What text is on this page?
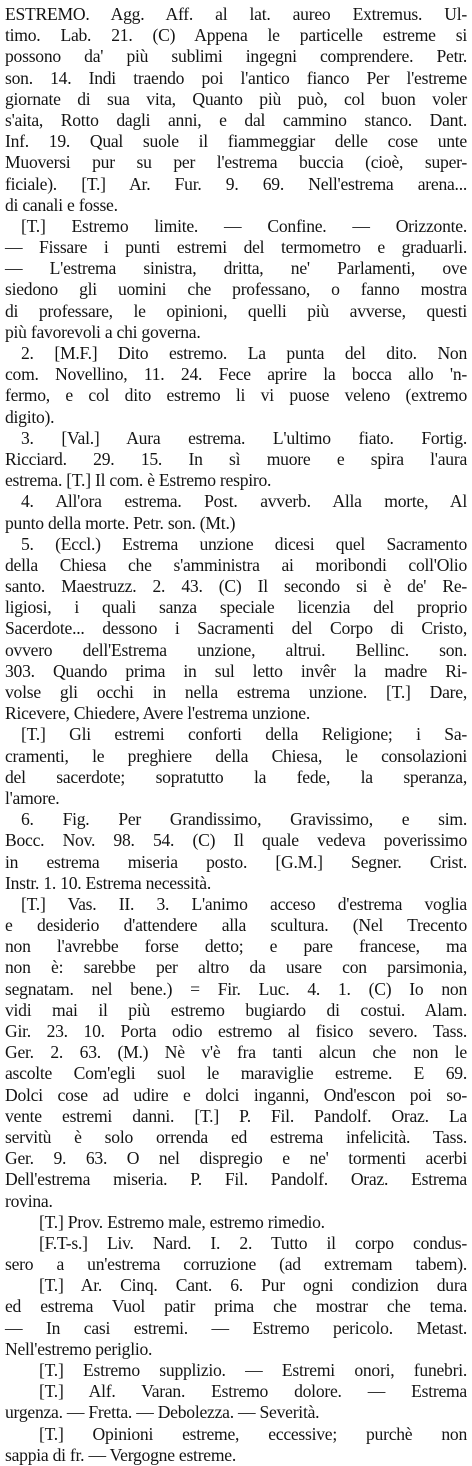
ESTREMO. Agg. Aff. al lat. aureo Extremus. Ul-
timo. Lab. 21. (C) Appena le particelle estreme si
possono da' più sublimi ingegni comprendere. Petr.
son. 14. Indi traendo poi l'antico fianco Per l'estreme
giornate di sua vita, Quanto più può, col buon voler
s'aita, Rotto dagli anni, e dal cammino stanco. Dant.
Inf. 19. Qual suole il fiammeggiar delle cose unte
Muoversi pur su per l'estrema buccia (cioè, super-
ficiale). [T.] Ar. Fur. 9. 69. Nell'estrema arena...
di canali e fosse.
[T.] Estremo limite. — Confine. — Orizzonte.
— Fissare i punti estremi del termometro e graduarli.
— L'estrema sinistra, dritta, ne' Parlamenti, ove
siedono gli uomini che professano, o fanno mostra
di professare, le opinioni, quelli più avverse, questi
più favorevoli a chi governa.
2. [M.F.] Dito estremo. La punta del dito. Non
com. Novellino, 11. 24. Fece aprire la bocca allo 'n-
fermo, e col dito estremo li vi puose veleno (extremo
digito).
3. [Val.] Aura estrema. L'ultimo fiato. Fortig.
Ricciard. 29. 15. In sì muore e spira l'aura
estrema. [T.] Il com. è Estremo respiro.
4. All'ora estrema. Post. avverb. Alla morte, Al
punto della morte. Petr. son. (Mt.)
5. (Eccl.) Estrema unzione dicesi quel Sacramento
della Chiesa che s'amministra ai moribondi coll'Olio
santo. Maestruzz. 2. 43. (C) Il secondo si è de' Re-
ligiosi, i quali sanza speciale licenzia del proprio
Sacerdote... dessono i Sacramenti del Corpo di Cristo,
ovvero dell'Estrema unzione, altrui. Bellinc. son.
303. Quando prima in sul letto invêr la madre Ri-
volse gli occhi in nella estrema unzione. [T.] Dare,
Ricevere, Chiedere, Avere l'estrema unzione.
[T.] Gli estremi conforti della Religione; i Sa-
cramenti, le preghiere della Chiesa, le consolazioni
del sacerdote; sopratutto la fede, la speranza,
l'amore.
6. Fig. Per Grandissimo, Gravissimo, e sim.
Bocc. Nov. 98. 54. (C) Il quale vedeva poverissimo
in estrema miseria posto. [G.M.] Segner. Crist.
Instr. 1. 10. Estrema necessità.
[T.] Vas. II. 3. L'animo acceso d'estrema voglia
e desiderio d'attendere alla scultura. (Nel Trecento
non l'avrebbe forse detto; e pare francese, ma
non è: sarebbe per altro da usare con parsimonia,
segnatam. nel bene.) = Fir. Luc. 4. 1. (C) Io non
vidi mai il più estremo bugiardo di costui. Alam.
Gir. 23. 10. Porta odio estremo al fisico severo. Tass.
Ger. 2. 63. (M.) Nè v'è fra tanti alcun che non le
ascolte Com'egli suol le maraviglie estreme. E 69.
Dolci cose ad udire e dolci inganni, Ond'escon poi so-
vente estremi danni. [T.] P. Fil. Pandolf. Oraz. La
servitù è solo orrenda ed estrema infelicità. Tass.
Ger. 9. 63. O nel dispregio e ne' tormenti acerbi
Dell'estrema miseria. P. Fil. Pandolf. Oraz. Estrema
rovina.
[T.] Prov. Estremo male, estremo rimedio.
[F.T-s.] Liv. Nard. I. 2. Tutto il corpo condus-
sero a un'estrema corruzione (ad extremam tabem).
[T.] Ar. Cinq. Cant. 6. Pur ogni condizion dura
ed estrema Vuol patir prima che mostrar che tema.
— In casi estremi. — Estremo pericolo. Metast.
Nell'estremo periglio.
[T.] Estremo supplizio. — Estremi onori, funebri.
[T.] Alf. Varan. Estremo dolore. — Estrema
urgenza. — Fretta. — Debolezza. — Severità.
[T.] Opinioni estreme, eccessive; purchè non
sappia di fr. — Vergogne estreme.
